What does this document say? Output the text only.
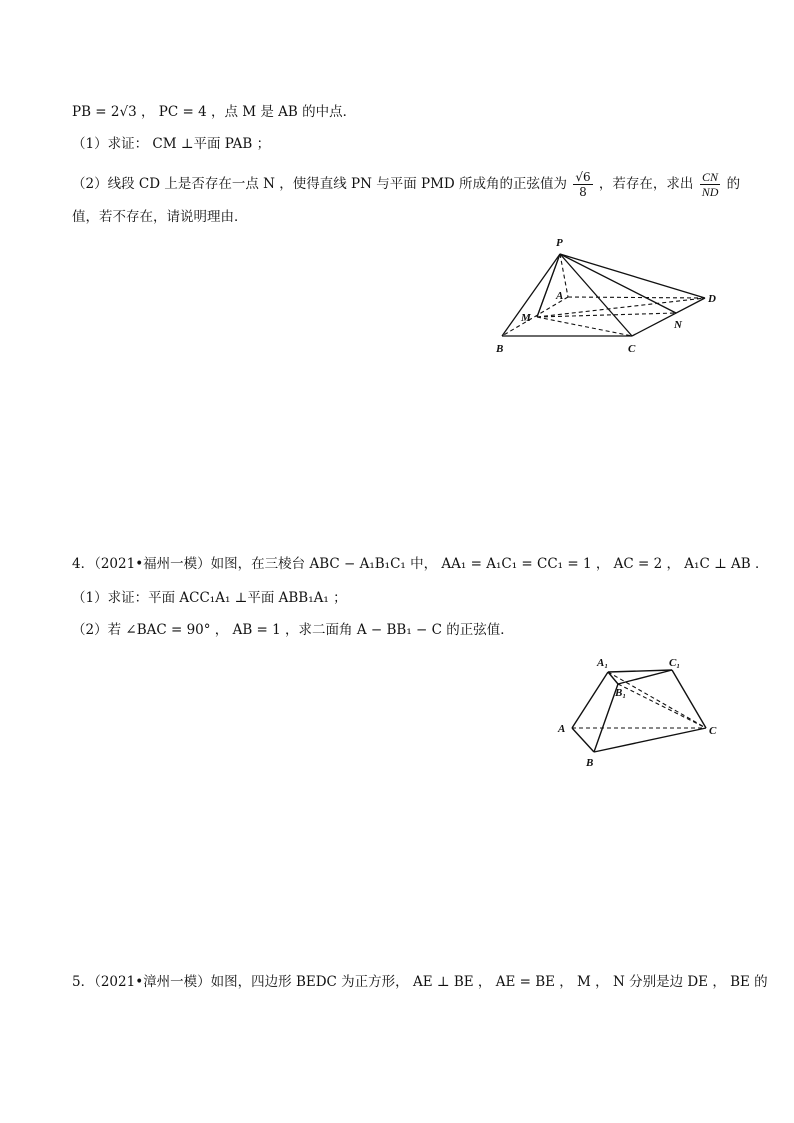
PB = 2√3 ， PC = 4 ，点 M 是 AB 的中点．
（1）求证： CM ⊥平面 PAB ；
（2）线段 CD 上是否存在一点 N ，使得直线 PN 与平面 PMD 所成角的正弦值为 $\frac{√6}{8}$ ，若存在，求出 $\frac{CN}{ND}$ 的
值，若不存在，请说明理由．
P
A
M
B	C
N
D
4．（2021•福州一模）如图，在三棱台 ABC − A₁B₁C₁ 中， AA₁ = A₁C₁ = CC₁ = 1 ， AC = 2 ， A₁C ⊥ AB ．
（1）求证：平面 ACC₁A₁ ⊥平面 ABB₁A₁ ；
（2）若 ∠BAC = 90° ， AB = 1 ，求二面角 A − BB₁ − C 的正弦值．
A₁	C₁
B₁
A
B
C
5．（2021•漳州一模）如图，四边形 BEDC 为正方形， AE ⊥ BE ， AE = BE ， M ， N 分别是边 DE ， BE 的
